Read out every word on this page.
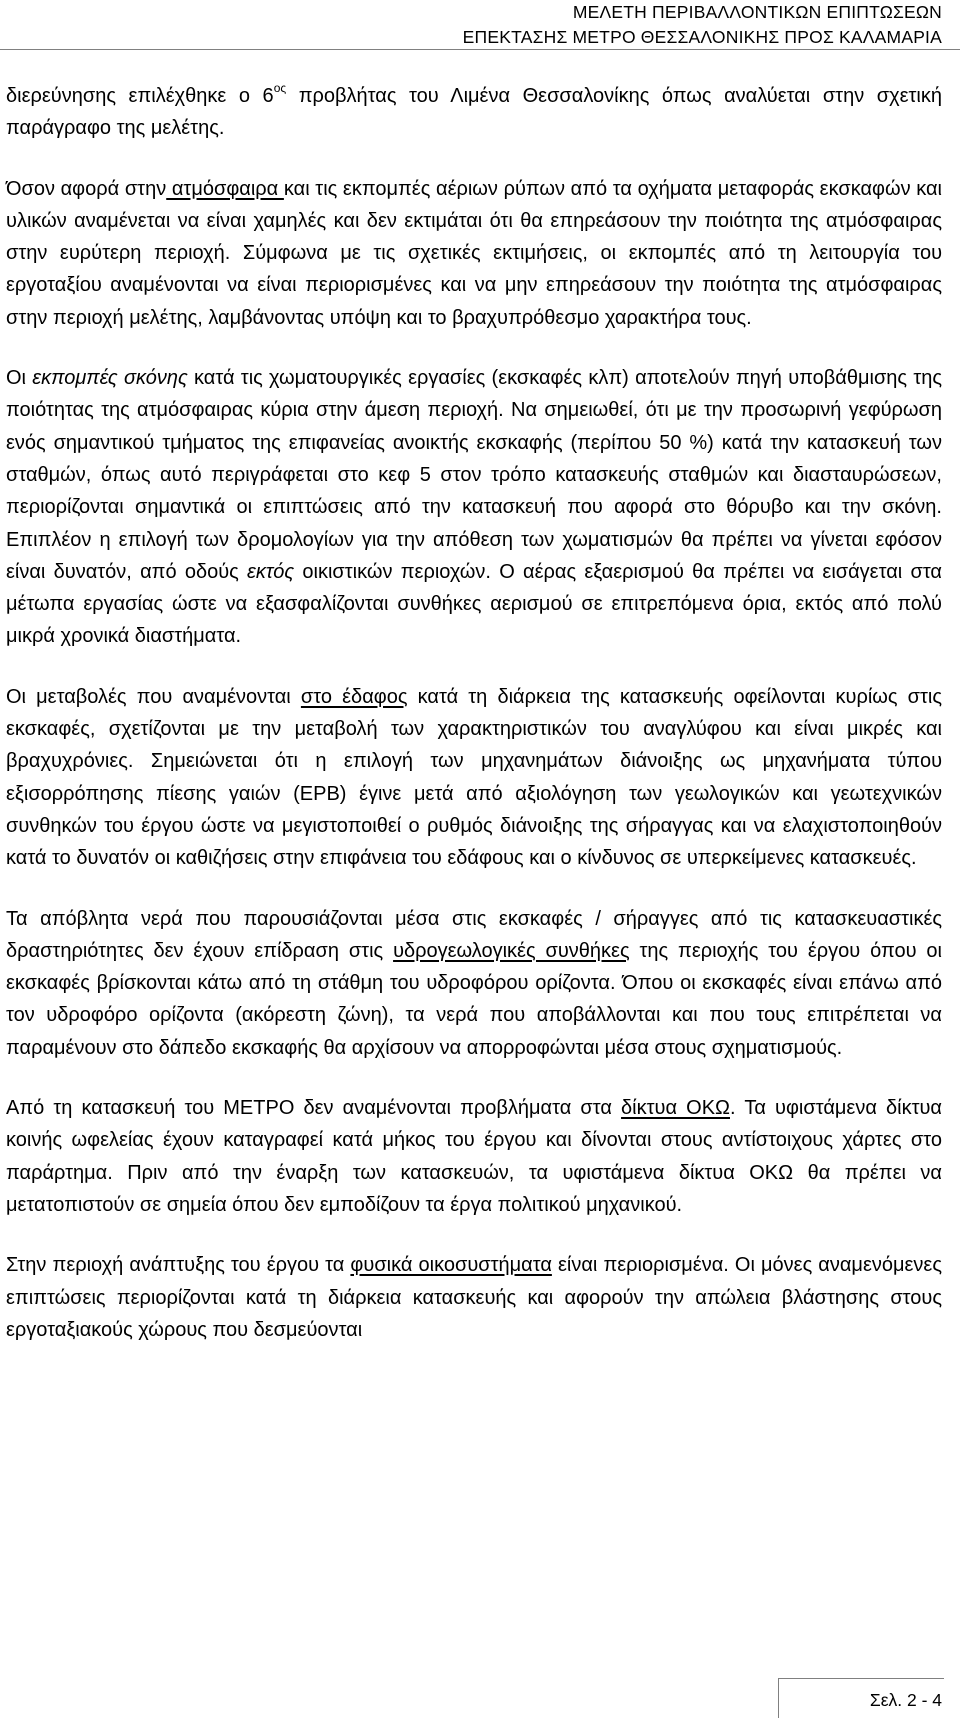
ΜΕΛΕΤΗ ΠΕΡΙΒΑΛΛΟΝΤΙΚΩΝ ΕΠΙΠΤΩΣΕΩΝ
ΕΠΕΚΤΑΣΗΣ ΜΕΤΡΟ ΘΕΣΣΑΛΟΝΙΚΗΣ ΠΡΟΣ ΚΑΛΑΜΑΡΙΑ

διερεύνησης επιλέχθηκε ο $6^{o\varsigma}$ προβλήτας του Λιμένα Θεσσαλονίκης όπως αναλύεται στην σχετική παράγραφο της μελέτης.

Όσον αφορά στην ατμόσφαιρα και τις εκπομπές αέριων ρύπων από τα οχήματα μεταφοράς εκσκαφών και υλικών αναμένεται να είναι χαμηλές και δεν εκτιμάται ότι θα επηρεάσουν την ποιότητα της ατμόσφαιρας στην ευρύτερη περιοχή. Σύμφωνα με τις σχετικές εκτιμήσεις, οι εκπομπές από τη λειτουργία του εργοταξίου αναμένονται να είναι περιορισμένες και να μην επηρεάσουν την ποιότητα της ατμόσφαιρας στην περιοχή μελέτης, λαμβάνοντας υπόψη και το βραχυπρόθεσμο χαρακτήρα τους.

Οι εκπομπές σκόνης κατά τις χωματουργικές εργασίες (εκσκαφές κλπ) αποτελούν πηγή υποβάθμισης της ποιότητας της ατμόσφαιρας κύρια στην άμεση περιοχή. Να σημειωθεί, ότι με την προσωρινή γεφύρωση ενός σημαντικού τμήματος της επιφανείας ανοικτής εκσκαφής (περίπου 50 %) κατά την κατασκευή των σταθμών, όπως αυτό περιγράφεται στο κεφ 5 στον τρόπο κατασκευής σταθμών και διασταυρώσεων, περιορίζονται σημαντικά οι επιπτώσεις από την κατασκευή που αφορά στο θόρυβο και την σκόνη. Επιπλέον η επιλογή των δρομολογίων για την απόθεση των χωματισμών θα πρέπει να γίνεται εφόσον είναι δυνατόν, από οδούς εκτός οικιστικών περιοχών. Ο αέρας εξαερισμού θα πρέπει να εισάγεται στα μέτωπα εργασίας ώστε να εξασφαλίζονται συνθήκες αερισμού σε επιτρεπόμενα όρια, εκτός από πολύ μικρά χρονικά διαστήματα.

Οι μεταβολές που αναμένονται στο έδαφος κατά τη διάρκεια της κατασκευής οφείλονται κυρίως στις εκσκαφές, σχετίζονται με την μεταβολή των χαρακτηριστικών του αναγλύφου και είναι μικρές και βραχυχρόνιες. Σημειώνεται ότι η επιλογή των μηχανημάτων διάνοιξης ως μηχανήματα τύπου εξισορρόπησης πίεσης γαιών (EPB) έγινε μετά από αξιολόγηση των γεωλογικών και γεωτεχνικών συνθηκών του έργου ώστε να μεγιστοποιθεί ο ρυθμός διάνοιξης της σήραγγας και να ελαχιστοποιηθούν κατά το δυνατόν οι καθιζήσεις στην επιφάνεια του εδάφους και ο κίνδυνος σε υπερκείμενες κατασκευές.

Τα απόβλητα νερά που παρουσιάζονται μέσα στις εκσκαφές / σήραγγες από τις κατασκευαστικές δραστηριότητες δεν έχουν επίδραση στις υδρογεωλογικές συνθήκες της περιοχής του έργου όπου οι εκσκαφές βρίσκονται κάτω από τη στάθμη του υδροφόρου ορίζοντα. Όπου οι εκσκαφές είναι επάνω από τον υδροφόρο ορίζοντα (ακόρεστη ζώνη), τα νερά που αποβάλλονται και που τους επιτρέπεται να παραμένουν στο δάπεδο εκσκαφής θα αρχίσουν να απορροφώνται μέσα στους σχηματισμούς.

Από τη κατασκευή του ΜΕΤΡΟ δεν αναμένονται προβλήματα στα δίκτυα ΟΚΩ. Τα υφιστάμενα δίκτυα κοινής ωφελείας έχουν καταγραφεί κατά μήκος του έργου και δίνονται στους αντίστοιχους χάρτες στο παράρτημα. Πριν από την έναρξη των κατασκευών, τα υφιστάμενα δίκτυα ΟΚΩ θα πρέπει να μετατοπιστούν σε σημεία όπου δεν εμποδίζουν τα έργα πολιτικού μηχανικού.

Στην περιοχή ανάπτυξης του έργου τα φυσικά οικοσυστήματα είναι περιορισμένα. Οι μόνες αναμενόμενες επιπτώσεις περιορίζονται κατά τη διάρκεια κατασκευής και αφορούν την απώλεια βλάστησης στους εργοταξιακούς χώρους που δεσμεύονται

Σελ. 2 - 4
